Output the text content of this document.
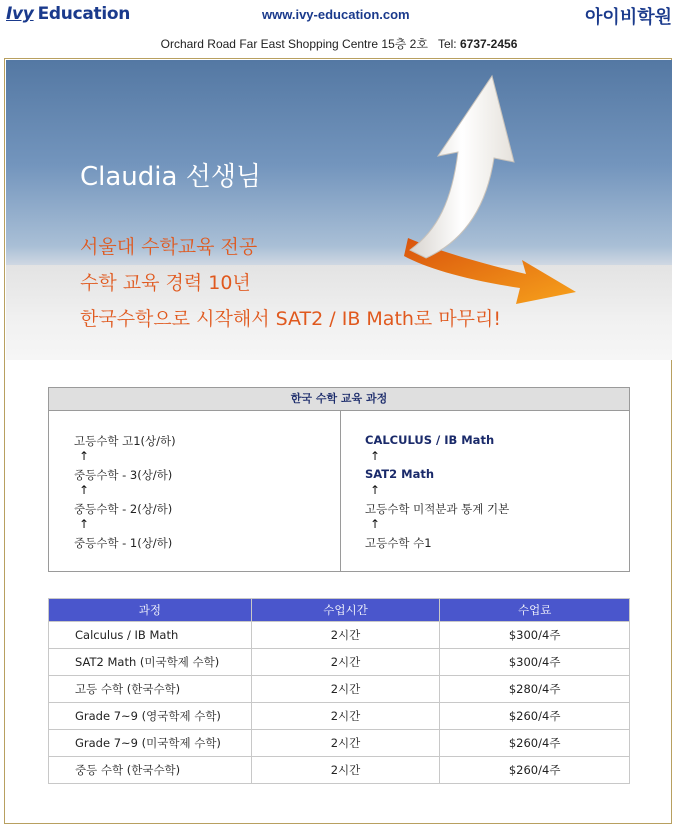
Ivy Education	www.ivy-education.com	아이비학원
Orchard Road Far East Shopping Centre 15층 2호 Tel: 6737-2456
Claudia 선생님
서울대 수학교육 전공
수학 교육 경력 10년
한국수학으로 시작해서 SAT2 / IB Math로 마무리!
한국 수학 교육 과정
고등수학 고1(상/하)
↑
중등수학 - 3(상/하)
↑
중등수학 - 2(상/하)
↑
중등수학 - 1(상/하)
CALCULUS / IB Math
↑
SAT2 Math
↑
고등수학 미적분과 통계 기본
↑
고등수학 수1
과정	수업시간	수업료
Calculus / IB Math	2시간	$300/4주
SAT2 Math (미국학제 수학)	2시간	$300/4주
고등 수학 (한국수학)	2시간	$280/4주
Grade 7~9 (영국학제 수학)	2시간	$260/4주
Grade 7~9 (미국학제 수학)	2시간	$260/4주
중등 수학 (한국수학)	2시간	$260/4주
